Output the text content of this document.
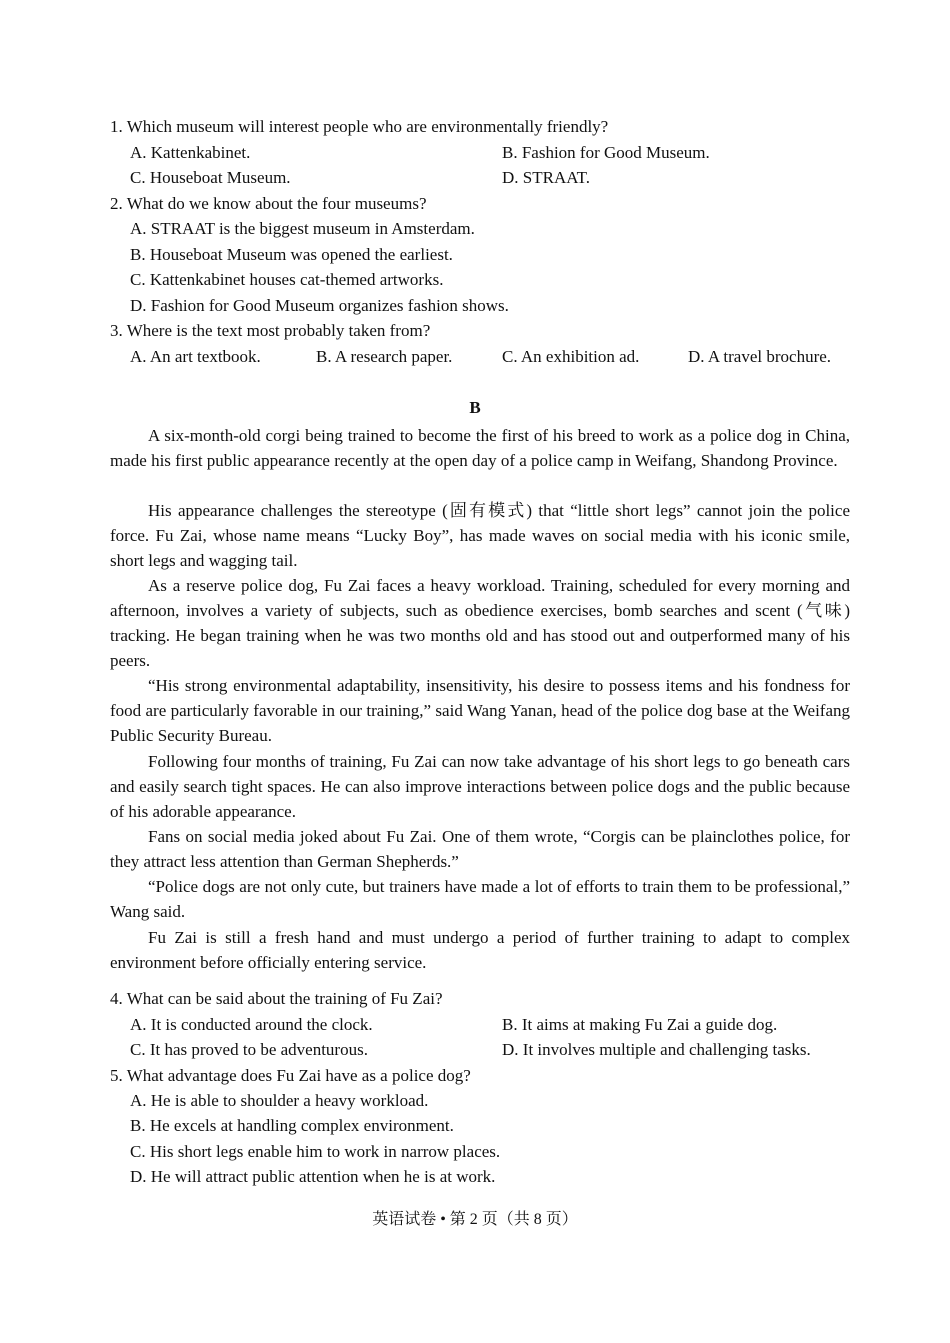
1. Which museum will interest people who are environmentally friendly?
A. Kattenkabinet.	B. Fashion for Good Museum.
C. Houseboat Museum.	D. STRAAT.
2. What do we know about the four museums?
A. STRAAT is the biggest museum in Amsterdam.
B. Houseboat Museum was opened the earliest.
C. Kattenkabinet houses cat-themed artworks.
D. Fashion for Good Museum organizes fashion shows.
3. Where is the text most probably taken from?
A. An art textbook.	B. A research paper.	C. An exhibition ad.	D. A travel brochure.
B

A six-month-old corgi being trained to become the first of his breed to work as a police dog in China, made his first public appearance recently at the open day of a police camp in Weifang, Shandong Province.

His appearance challenges the stereotype (固有模式) that “little short legs” cannot join the police force. Fu Zai, whose name means “Lucky Boy”, has made waves on social media with his iconic smile, short legs and wagging tail.

As a reserve police dog, Fu Zai faces a heavy workload. Training, scheduled for every morning and afternoon, involves a variety of subjects, such as obedience exercises, bomb searches and scent (气味) tracking. He began training when he was two months old and has stood out and outperformed many of his peers.

“His strong environmental adaptability, insensitivity, his desire to possess items and his fondness for food are particularly favorable in our training,” said Wang Yanan, head of the police dog base at the Weifang Public Security Bureau.

Following four months of training, Fu Zai can now take advantage of his short legs to go beneath cars and easily search tight spaces. He can also improve interactions between police dogs and the public because of his adorable appearance.

Fans on social media joked about Fu Zai. One of them wrote, “Corgis can be plainclothes police, for they attract less attention than German Shepherds.”

“Police dogs are not only cute, but trainers have made a lot of efforts to train them to be professional,” Wang said.

Fu Zai is still a fresh hand and must undergo a period of further training to adapt to complex environment before officially entering service.

4. What can be said about the training of Fu Zai?
A. It is conducted around the clock.	B. It aims at making Fu Zai a guide dog.
C. It has proved to be adventurous.	D. It involves multiple and challenging tasks.
5. What advantage does Fu Zai have as a police dog?
A. He is able to shoulder a heavy workload.
B. He excels at handling complex environment.
C. His short legs enable him to work in narrow places.
D. He will attract public attention when he is at work.
英语试卷 • 第 2 页（共 8 页）
